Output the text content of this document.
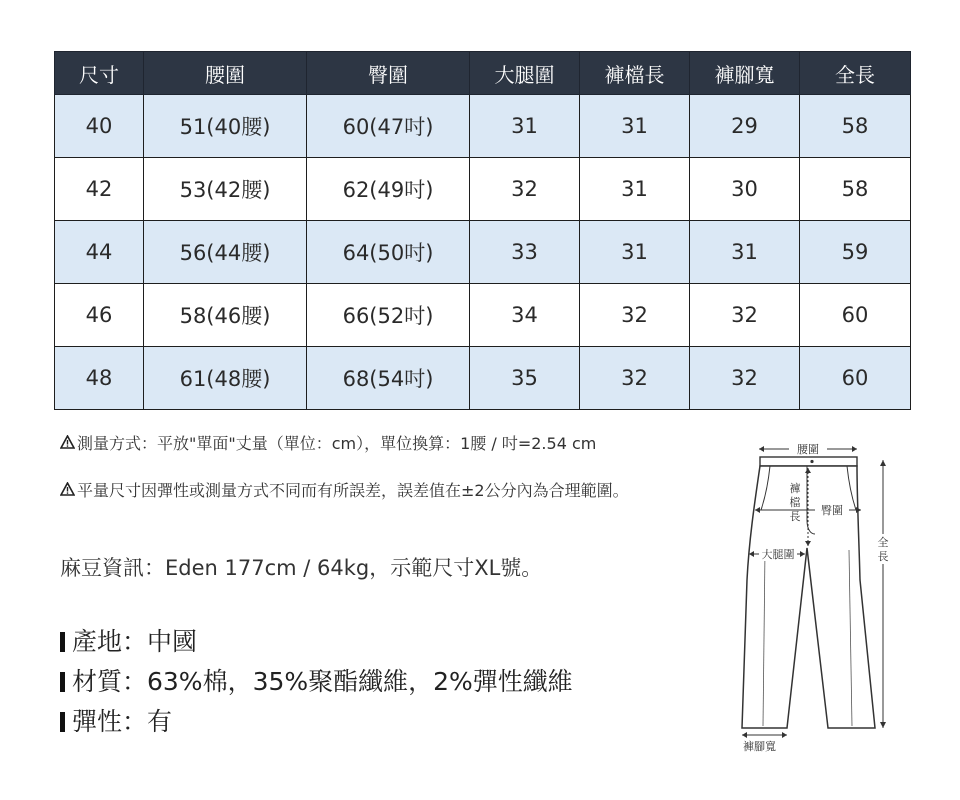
尺寸	腰圍	臀圍	大腿圍	褲檔長	褲腳寬	全長
40	51(40腰)	60(47吋)	31	31	29	58
42	53(42腰)	62(49吋)	32	31	30	58
44	56(44腰)	64(50吋)	33	31	31	59
46	58(46腰)	66(52吋)	34	32	32	60
48	61(48腰)	68(54吋)	35	32	32	60
測量方式：平放"單面"丈量（單位：cm），單位換算：1腰 / 吋=2.54 cm
平量尺寸因彈性或測量方式不同而有所誤差，誤差值在±2公分內為合理範圍。
麻豆資訊：Eden 177cm / 64kg，示範尺寸XL號。
產地：中國
材質：63%棉，35%聚酯纖維，2%彈性纖維
彈性：有
腰圍
褲
檔
長 臀圍
大腿圍
全
長
褲腳寬
